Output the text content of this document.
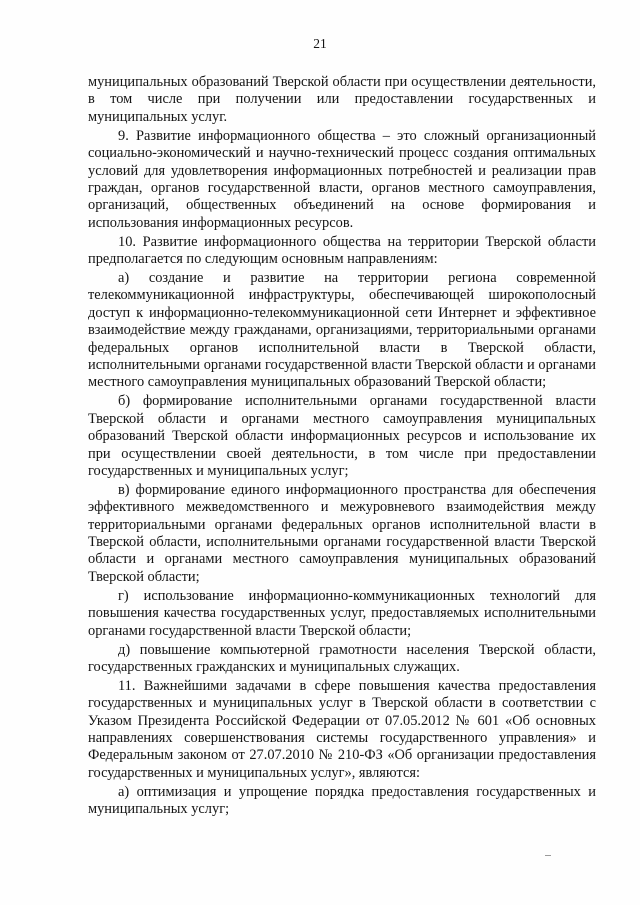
21

муниципальных образований Тверской области при осуществлении деятельности, в том числе при получении или предоставлении государственных и муниципальных услуг.

9. Развитие информационного общества – это сложный организационный социально-экономический и научно-технический процесс создания оптимальных условий для удовлетворения информационных потребностей и реализации прав граждан, органов государственной власти, органов местного самоуправления, организаций, общественных объединений на основе формирования и использования информационных ресурсов.

10. Развитие информационного общества на территории Тверской области предполагается по следующим основным направлениям:

а) создание и развитие на территории региона современной телекоммуникационной инфраструктуры, обеспечивающей широкополосный доступ к информационно-телекоммуникационной сети Интернет и эффективное взаимодействие между гражданами, организациями, территориальными органами федеральных органов исполнительной власти в Тверской области, исполнительными органами государственной власти Тверской области и органами местного самоуправления муниципальных образований Тверской области;

б) формирование исполнительными органами государственной власти Тверской области и органами местного самоуправления муниципальных образований Тверской области информационных ресурсов и использование их при осуществлении своей деятельности, в том числе при предоставлении государственных и муниципальных услуг;

в) формирование единого информационного пространства для обеспечения эффективного межведомственного и межуровневого взаимодействия между территориальными органами федеральных органов исполнительной власти в Тверской области, исполнительными органами государственной власти Тверской области и органами местного самоуправления муниципальных образований Тверской области;

г) использование информационно-коммуникационных технологий для повышения качества государственных услуг, предоставляемых исполнительными органами государственной власти Тверской области;

д) повышение компьютерной грамотности населения Тверской области, государственных гражданских и муниципальных служащих.

11. Важнейшими задачами в сфере повышения качества предоставления государственных и муниципальных услуг в Тверской области в соответствии с Указом Президента Российской Федерации от 07.05.2012 № 601 «Об основных направлениях совершенствования системы государственного управления» и Федеральным законом от 27.07.2010 № 210-ФЗ «Об организации предоставления государственных и муниципальных услуг», являются:

а) оптимизация и упрощение порядка предоставления государственных и муниципальных услуг;
